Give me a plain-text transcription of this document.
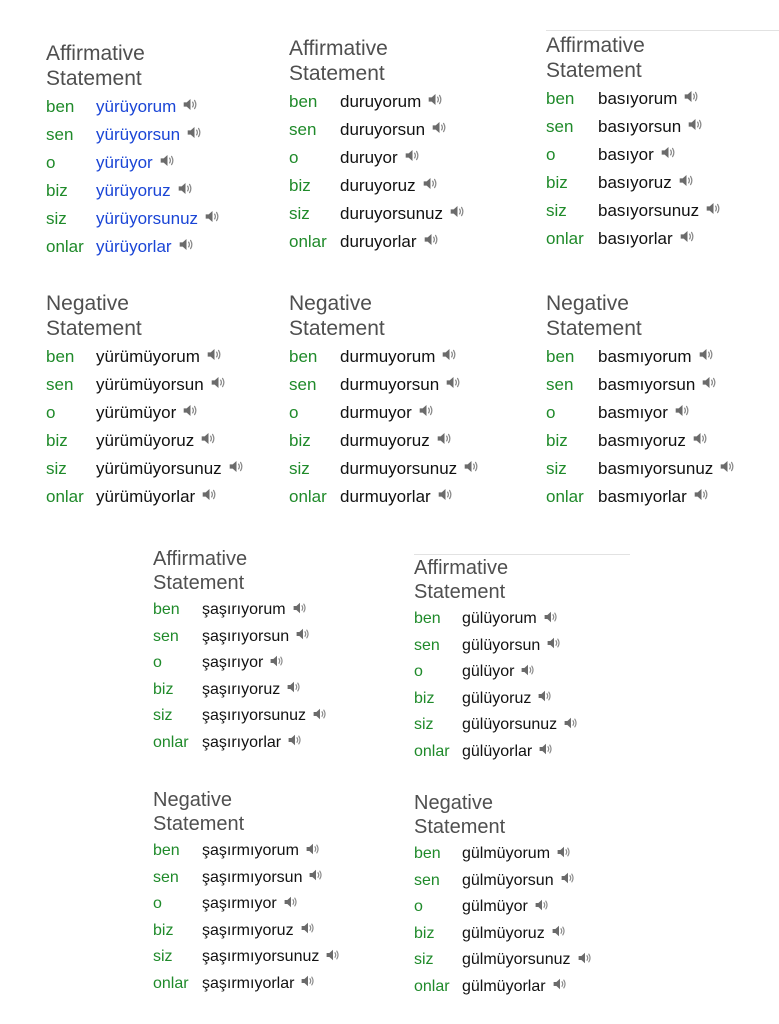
Affirmative
Statement
ben	yürüyorum
sen	yürüyorsun
o	yürüyor
biz	yürüyoruz
siz	yürüyorsunuz
onlar yürüyorlar
Affirmative
Statement
ben	duruyorum
sen	duruyorsun
o	duruyor
biz	duruyoruz
siz	duruyorsunuz
onlar duruyorlar
Affirmative
Statement
ben	basıyorum
sen	basıyorsun
o	basıyor
biz	basıyoruz
siz	basıyorsunuz
onlar basıyorlar
Negative
Statement
ben	yürümüyorum
sen	yürümüyorsun
o	yürümüyor
biz	yürümüyoruz
siz	yürümüyorsunuz
onlar yürümüyorlar
Negative
Statement
ben	durmuyorum
sen	durmuyorsun
o	durmuyor
biz	durmuyoruz
siz	durmuyorsunuz
onlar durmuyorlar
Negative
Statement
ben	basmıyorum
sen	basmıyorsun
o	basmıyor
biz	basmıyoruz
siz	basmıyorsunuz
onlar basmıyorlar
Affirmative
Statement
ben	şaşırıyorum
sen	şaşırıyorsun
o	şaşırıyor
biz	şaşırıyoruz
siz	şaşırıyorsunuz
onlar şaşırıyorlar
Affirmative
Statement
ben	gülüyorum
sen	gülüyorsun
o	gülüyor
biz	gülüyoruz
siz	gülüyorsunuz
onlar gülüyorlar
Negative
Statement
ben	şaşırmıyorum
sen	şaşırmıyorsun
o	şaşırmıyor
biz	şaşırmıyoruz
siz	şaşırmıyorsunuz
onlar şaşırmıyorlar
Negative
Statement
ben	gülmüyorum
sen	gülmüyorsun
o	gülmüyor
biz	gülmüyoruz
siz	gülmüyorsunuz
onlar gülmüyorlar
